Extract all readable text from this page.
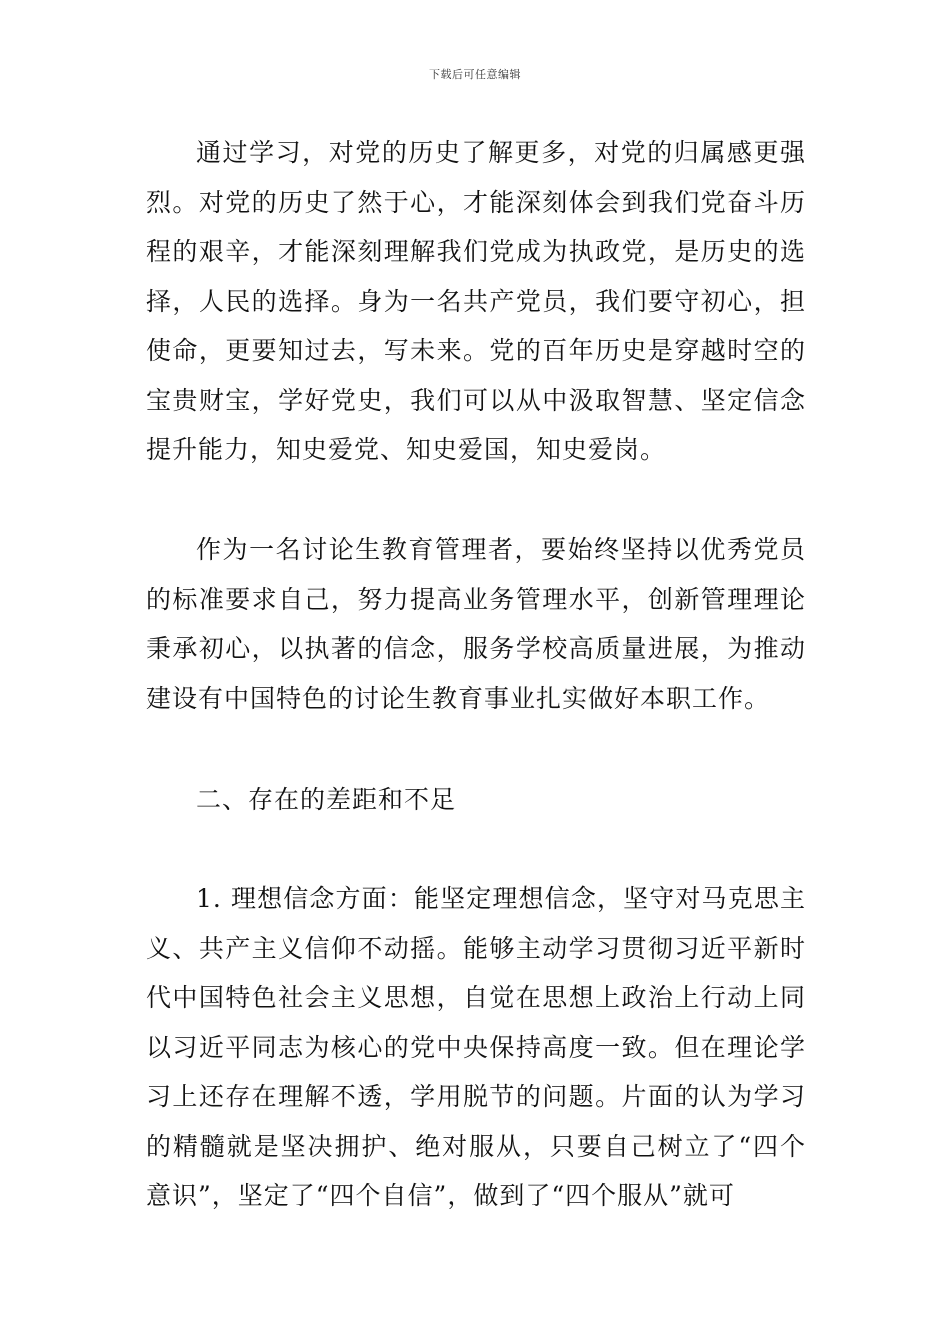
下载后可任意编辑

通过学习，对党的历史了解更多，对党的归属感更强烈。对党的历史了然于心，才能深刻体会到我们党奋斗历程的艰辛，才能深刻理解我们党成为执政党，是历史的选择，人民的选择。身为一名共产党员，我们要守初心，担使命，更要知过去，写未来。党的百年历史是穿越时空的宝贵财宝，学好党史，我们可以从中汲取智慧、坚定信念提升能力，知史爱党、知史爱国，知史爱岗。

作为一名讨论生教育管理者，要始终坚持以优秀党员的标准要求自己，努力提高业务管理水平，创新管理理论秉承初心，以执著的信念，服务学校高质量进展，为推动建设有中国特色的讨论生教育事业扎实做好本职工作。

二、存在的差距和不足

1. 理想信念方面：能坚定理想信念，坚守对马克思主义、共产主义信仰不动摇。能够主动学习贯彻习近平新时代中国特色社会主义思想，自觉在思想上政治上行动上同以习近平同志为核心的党中央保持高度一致。但在理论学习上还存在理解不透，学用脱节的问题。片面的认为学习的精髓就是坚决拥护、绝对服从，只要自己树立了“四个意识”，坚定了“四个自信”，做到了“四个服从”就可
